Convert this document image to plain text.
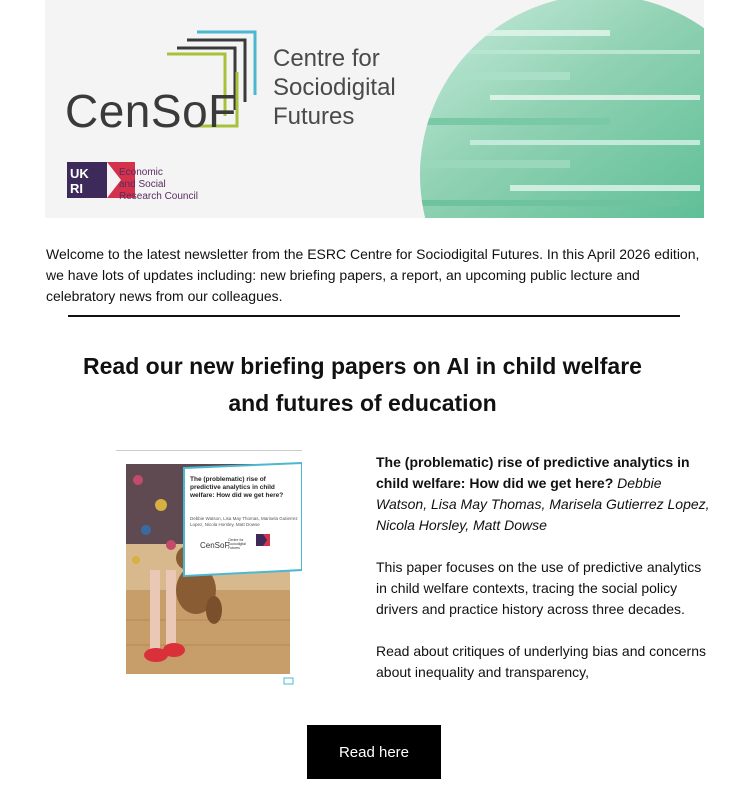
CenSoF
Centre for
Sociodigital
Futures
UK
RI
Economic
and Social
Research Council
Welcome to the latest newsletter from the ESRC Centre for Sociodigital Futures. In this April 2026 edition, we have lots of updates including: new briefing papers, a report, an upcoming public lecture and celebratory news from our colleagues.
Read our new briefing papers on AI in child welfare
and futures of education
The (problematic) rise of predictive analytics in child welfare: How did we get here?
Debbie Watson, Lisa May Thomas, Marisela Gutierrez Lopez, Nicola Horsley, Matt Dowse
CenSoF
Centre for Sociodigital Futures

The (problematic) rise of predictive analytics in child welfare: How did we get here? Debbie Watson, Lisa May Thomas, Marisela Gutierrez Lopez, Nicola Horsley, Matt Dowse

This paper focuses on the use of predictive analytics in child welfare contexts, tracing the social policy drivers and practice history across three decades.

Read about critiques of underlying bias and concerns about inequality and transparency,

Read here
